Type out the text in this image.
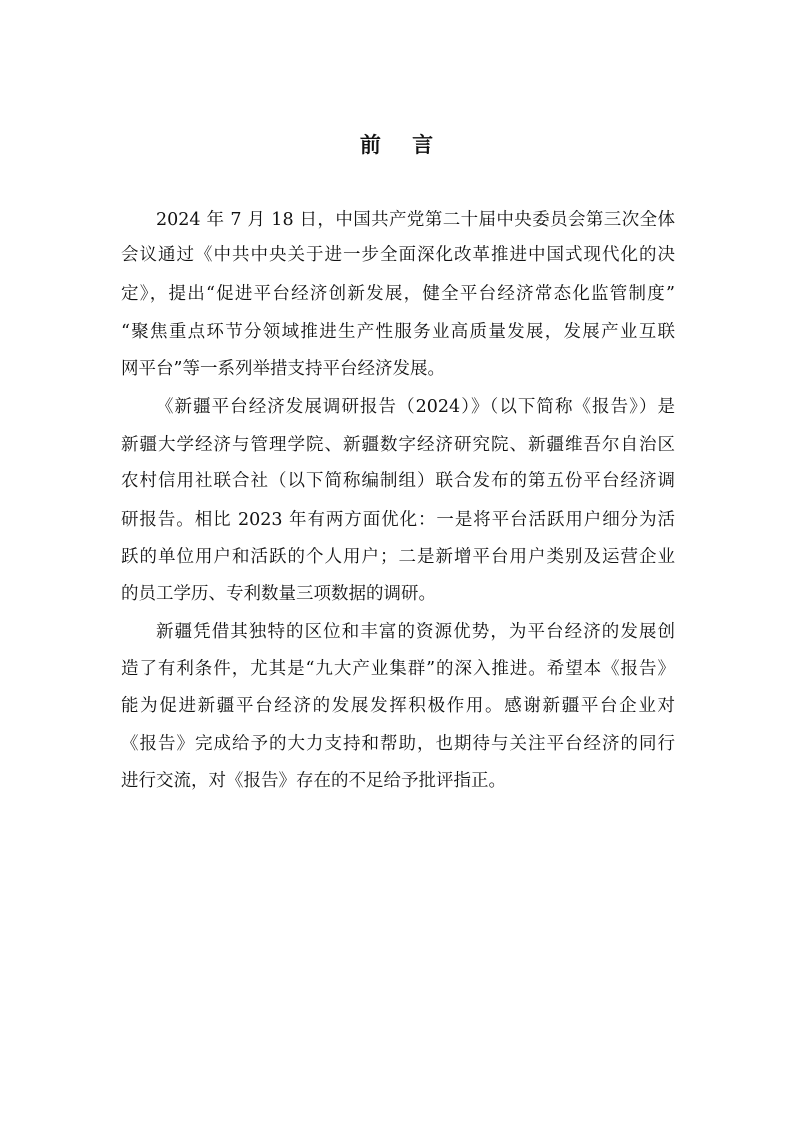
前 言
2024 年 7 月 18 日，中国共产党第二十届中央委员会第三次全体
会议通过《中共中央关于进一步全面深化改革推进中国式现代化的决
定》，提出“促进平台经济创新发展，健全平台经济常态化监管制度”
“聚焦重点环节分领域推进生产性服务业高质量发展，发展产业互联
网平台”等一系列举措支持平台经济发展。
《新疆平台经济发展调研报告（2024）》（以下简称《报告》）是
新疆大学经济与管理学院、新疆数字经济研究院、新疆维吾尔自治区
农村信用社联合社（以下简称编制组）联合发布的第五份平台经济调
研报告。相比 2023 年有两方面优化：一是将平台活跃用户细分为活
跃的单位用户和活跃的个人用户；二是新增平台用户类别及运营企业
的员工学历、专利数量三项数据的调研。
新疆凭借其独特的区位和丰富的资源优势，为平台经济的发展创
造了有利条件，尤其是“九大产业集群”的深入推进。希望本《报告》
能为促进新疆平台经济的发展发挥积极作用。感谢新疆平台企业对
《报告》完成给予的大力支持和帮助，也期待与关注平台经济的同行
进行交流，对《报告》存在的不足给予批评指正。
